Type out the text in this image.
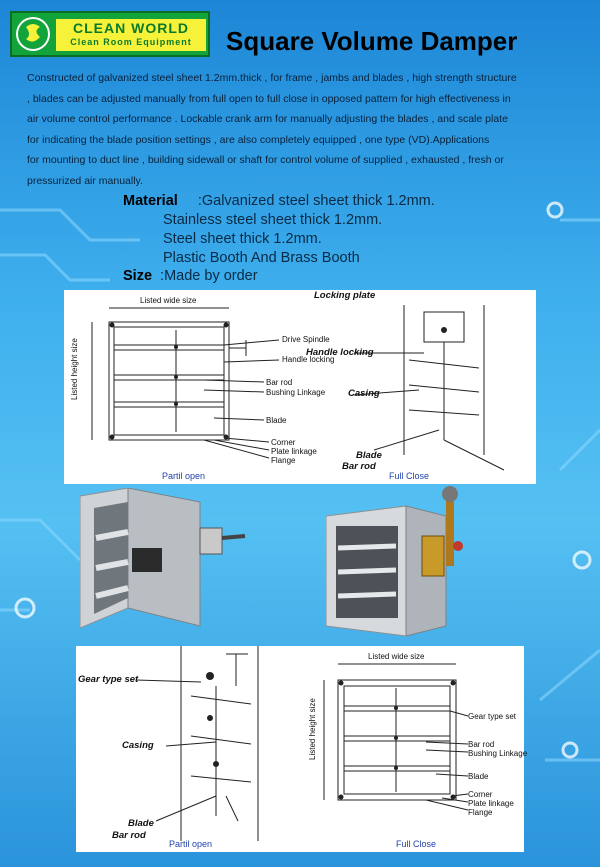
CLEAN WORLD
Clean Room Equipment	Square Volume Damper
Constructed of galvanized steel sheet 1.2mm.thick , for frame , jambs and blades , high strength structure
, blades can be adjusted manually from full open to full close in opposed pattern for high effectiveness in
air volume control performance . Lockable crank arm for manually adjusting the blades , and scale plate
for indicating the blade position settings , are also completely equipped , one type (VD).Applications
for mounting to duct line , building sidewall or shaft for control volume of supplied , exhausted , fresh or
pressurized air manually.
Material :Galvanized steel sheet thick 1.2mm.
Stainless steel sheet thick 1.2mm.
Steel sheet thick 1.2mm.
Plastic Booth And Brass Booth
Size :Made by order
Listed wide size
Listed height size	Drive Spindle
Handle locking
Bar rod
Bushing Linkage
Blade
Corner
Plate linkage
Flange
Partil open
Locking plate
Handle locking
Casing
Blade
Bar rod
Full Close
Gear type set
Casing
Blade
Bar rod
Partil open
Listed wide size
Listed height size	Gear type set
Bar rod
Bushing Linkage
Blade
Corner
Plate linkage
Flange
Full Close
